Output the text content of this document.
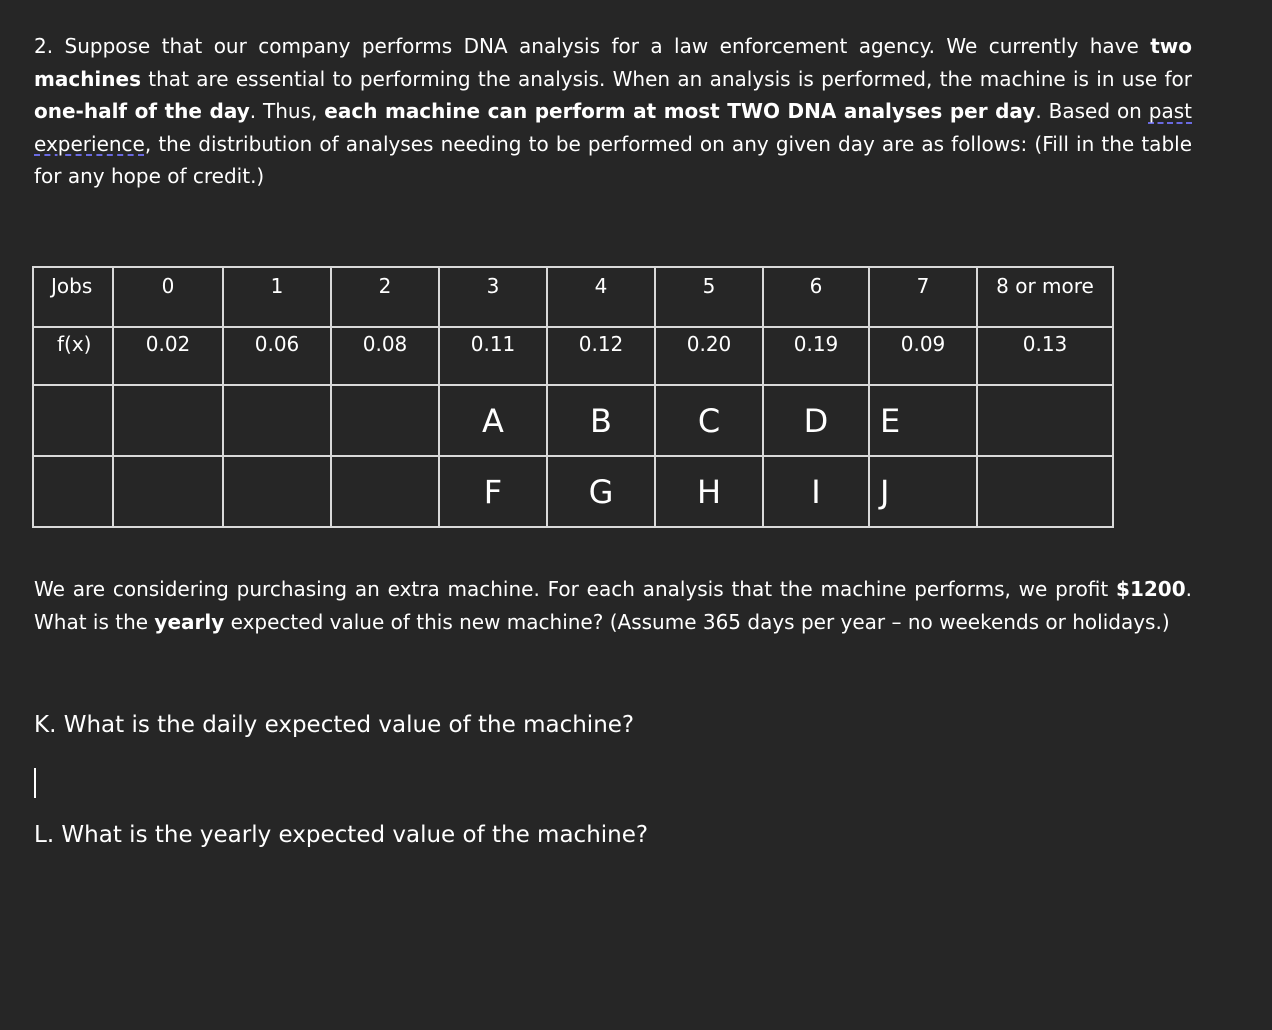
2. Suppose that our company performs DNA analysis for a law enforcement agency. We currently have two machines that are essential to performing the analysis. When an analysis is performed, the machine is in use for one-half of the day. Thus, each machine can perform at most TWO DNA analyses per day. Based on past experience, the distribution of analyses needing to be performed on any given day are as follows: (Fill in the table for any hope of credit.)

Jobs	0	1	2	3	4	5	6	7	8 or more
f(x)	0.02	0.06	0.08	0.11	0.12	0.20	0.19	0.09	0.13
				A	B	C	D	E	
				F	G	H	I	J	

We are considering purchasing an extra machine. For each analysis that the machine performs, we profit $1200. What is the yearly expected value of this new machine? (Assume 365 days per year – no weekends or holidays.)

K. What is the daily expected value of the machine?

L. What is the yearly expected value of the machine?
